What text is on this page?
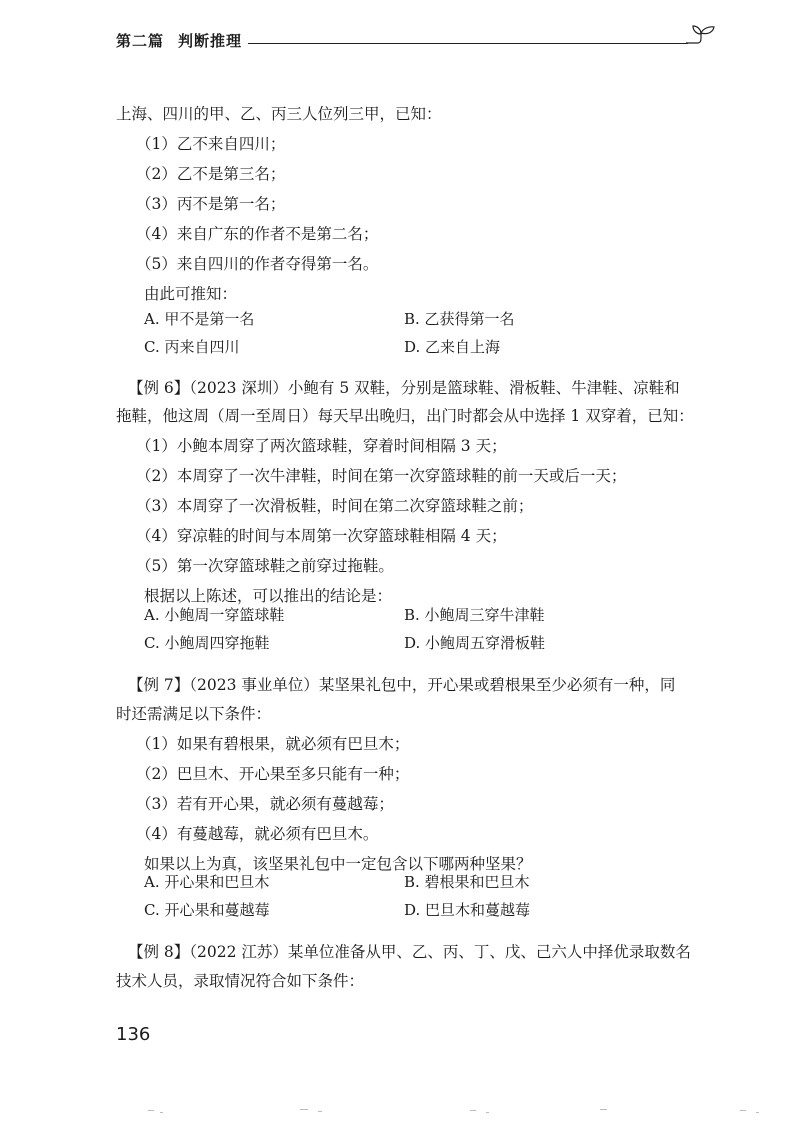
第二篇 判断推理
上海、四川的甲、乙、丙三人位列三甲，已知：
（1）乙不来自四川；
（2）乙不是第三名；
（3）丙不是第一名；
（4）来自广东的作者不是第二名；
（5）来自四川的作者夺得第一名。
由此可推知：
A. 甲不是第一名	B. 乙获得第一名
C. 丙来自四川	D. 乙来自上海
【例 6】（2023 深圳）小鲍有 5 双鞋，分别是篮球鞋、滑板鞋、牛津鞋、凉鞋和
拖鞋，他这周（周一至周日）每天早出晚归，出门时都会从中选择 1 双穿着，已知：
（1）小鲍本周穿了两次篮球鞋，穿着时间相隔 3 天；
（2）本周穿了一次牛津鞋，时间在第一次穿篮球鞋的前一天或后一天；
（3）本周穿了一次滑板鞋，时间在第二次穿篮球鞋之前；
（4）穿凉鞋的时间与本周第一次穿篮球鞋相隔 4 天；
（5）第一次穿篮球鞋之前穿过拖鞋。
根据以上陈述，可以推出的结论是：
A. 小鲍周一穿篮球鞋	B. 小鲍周三穿牛津鞋
C. 小鲍周四穿拖鞋	D. 小鲍周五穿滑板鞋
【例 7】（2023 事业单位）某坚果礼包中，开心果或碧根果至少必须有一种，同
时还需满足以下条件：
（1）如果有碧根果，就必须有巴旦木；
（2）巴旦木、开心果至多只能有一种；
（3）若有开心果，就必须有蔓越莓；
（4）有蔓越莓，就必须有巴旦木。
如果以上为真，该坚果礼包中一定包含以下哪两种坚果？
A. 开心果和巴旦木	B. 碧根果和巴旦木
C. 开心果和蔓越莓	D. 巴旦木和蔓越莓
【例 8】（2022 江苏）某单位准备从甲、乙、丙、丁、戊、己六人中择优录取数名
技术人员，录取情况符合如下条件：
136
